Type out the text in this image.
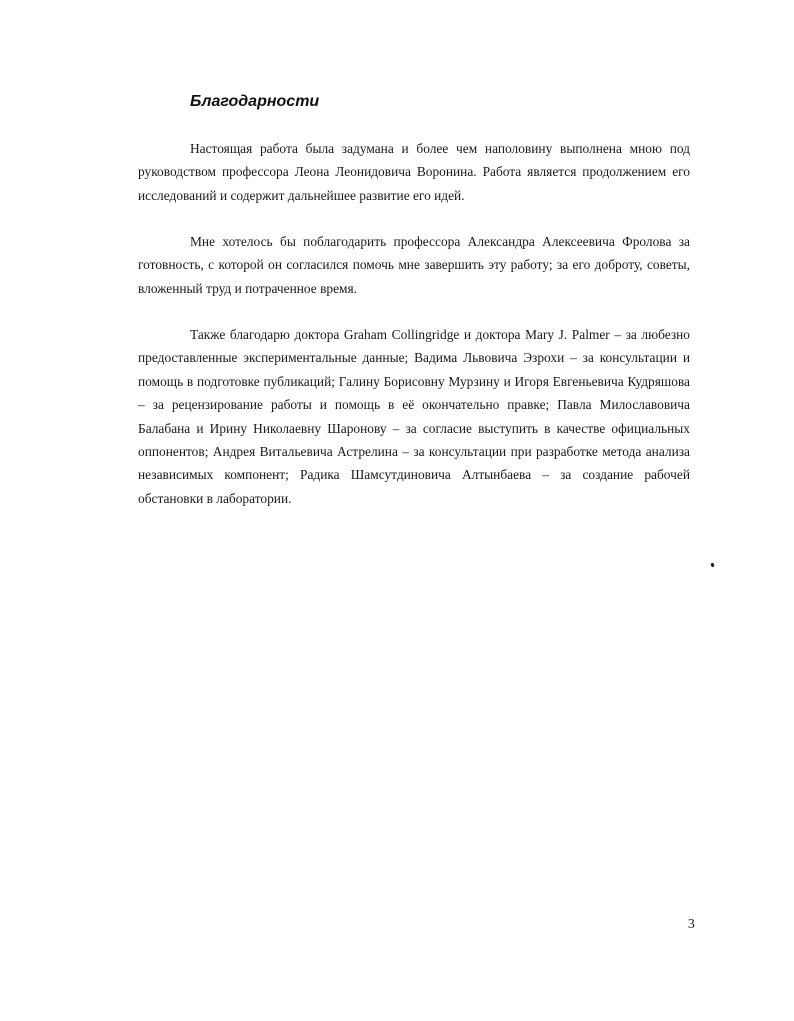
Благодарности

Настоящая работа была задумана и более чем наполовину выполнена мною под руководством профессора Леона Леонидовича Воронина. Работа является продолжением его исследований и содержит дальнейшее развитие его идей.

Мне хотелось бы поблагодарить профессора Александра Алексеевича Фролова за готовность, с которой он согласился помочь мне завершить эту работу; за его доброту, советы, вложенный труд и потраченное время.

Также благодарю доктора Graham Collingridge и доктора Mary J. Palmer – за любезно предоставленные экспериментальные данные; Вадима Львовича Эзрохи – за консультации и помощь в подготовке публикаций; Галину Борисовну Мурзину и Игоря Евгеньевича Кудряшова – за рецензирование работы и помощь в её окончательно правке; Павла Милославовича Балабана и Ирину Николаевну Шаронову – за согласие выступить в качестве официальных оппонентов; Андрея Витальевича Астрелина – за консультации при разработке метода анализа независимых компонент; Радика Шамсутдиновича Алтынбаева – за создание рабочей обстановки в лаборатории.

3
